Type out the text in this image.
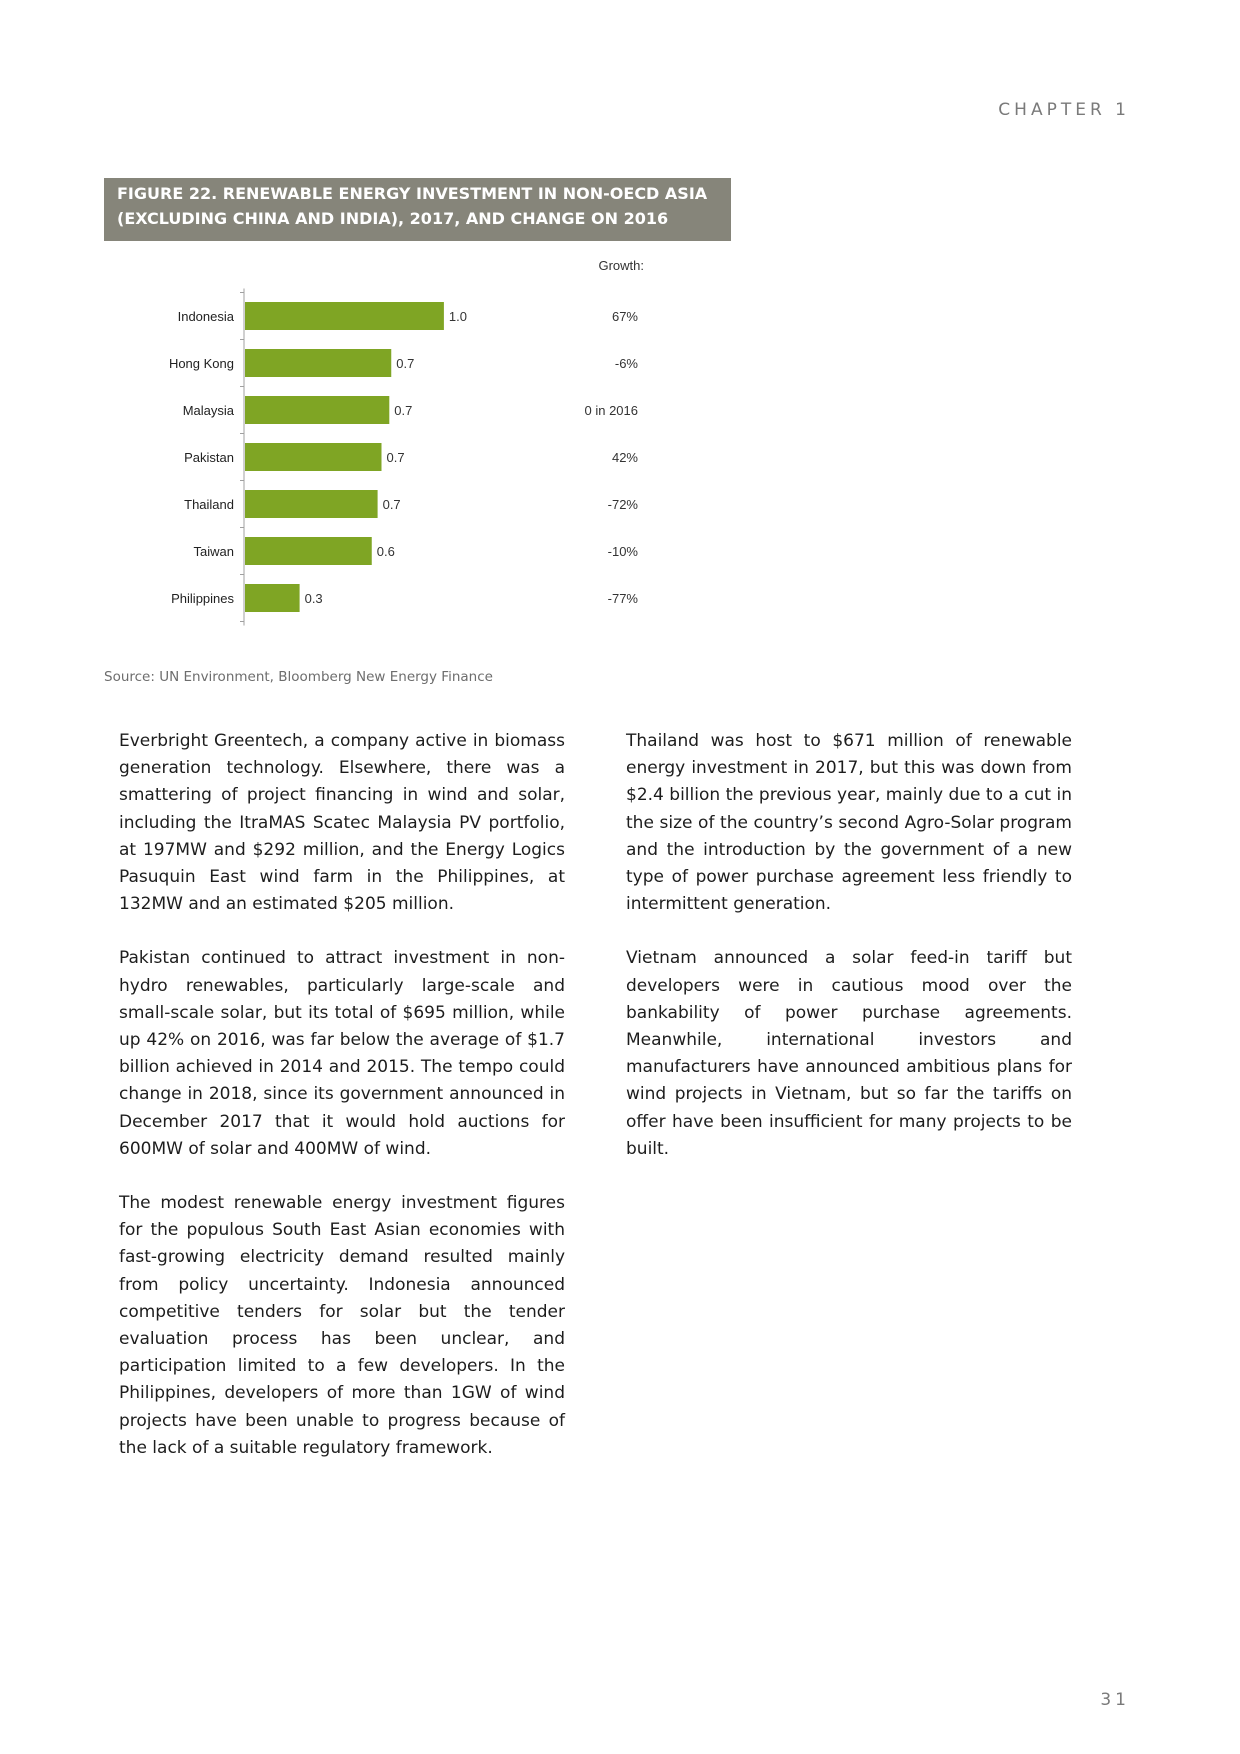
CHAPTER 1
FIGURE 22. RENEWABLE ENERGY INVESTMENT IN NON-OECD ASIA
(EXCLUDING CHINA AND INDIA), 2017, AND CHANGE ON 2016
Growth:
Indonesia	1.0	67%
Hong Kong	0.7	-6%
Malaysia	0.7	0 in 2016
Pakistan	0.7	42%
Thailand	0.7	-72%
Taiwan	0.6	-10%
Philippines	0.3	-77%
Source: UN Environment, Bloomberg New Energy Finance

Everbright Greentech, a company active in biomass generation technology. Elsewhere, there was a smattering of project financing in wind and solar, including the ItraMAS Scatec Malaysia PV portfolio, at 197MW and $292 million, and the Energy Logics Pasuquin East wind farm in the Philippines, at 132MW and an estimated $205 million.

Pakistan continued to attract investment in non-hydro renewables, particularly large-scale and small-scale solar, but its total of $695 million, while up 42% on 2016, was far below the average of $1.7 billion achieved in 2014 and 2015. The tempo could change in 2018, since its government announced in December 2017 that it would hold auctions for 600MW of solar and 400MW of wind.

The modest renewable energy investment figures for the populous South East Asian economies with fast-growing electricity demand resulted mainly from policy uncertainty. Indonesia announced competitive tenders for solar but the tender evaluation process has been unclear, and participation limited to a few developers. In the Philippines, developers of more than 1GW of wind projects have been unable to progress because of the lack of a suitable regulatory framework.

Thailand was host to $671 million of renewable energy investment in 2017, but this was down from $2.4 billion the previous year, mainly due to a cut in the size of the country’s second Agro-Solar program and the introduction by the government of a new type of power purchase agreement less friendly to intermittent generation.

Vietnam announced a solar feed-in tariff but developers were in cautious mood over the bankability of power purchase agreements. Meanwhile, international investors and manufacturers have announced ambitious plans for wind projects in Vietnam, but so far the tariffs on offer have been insufficient for many projects to be built.

31
